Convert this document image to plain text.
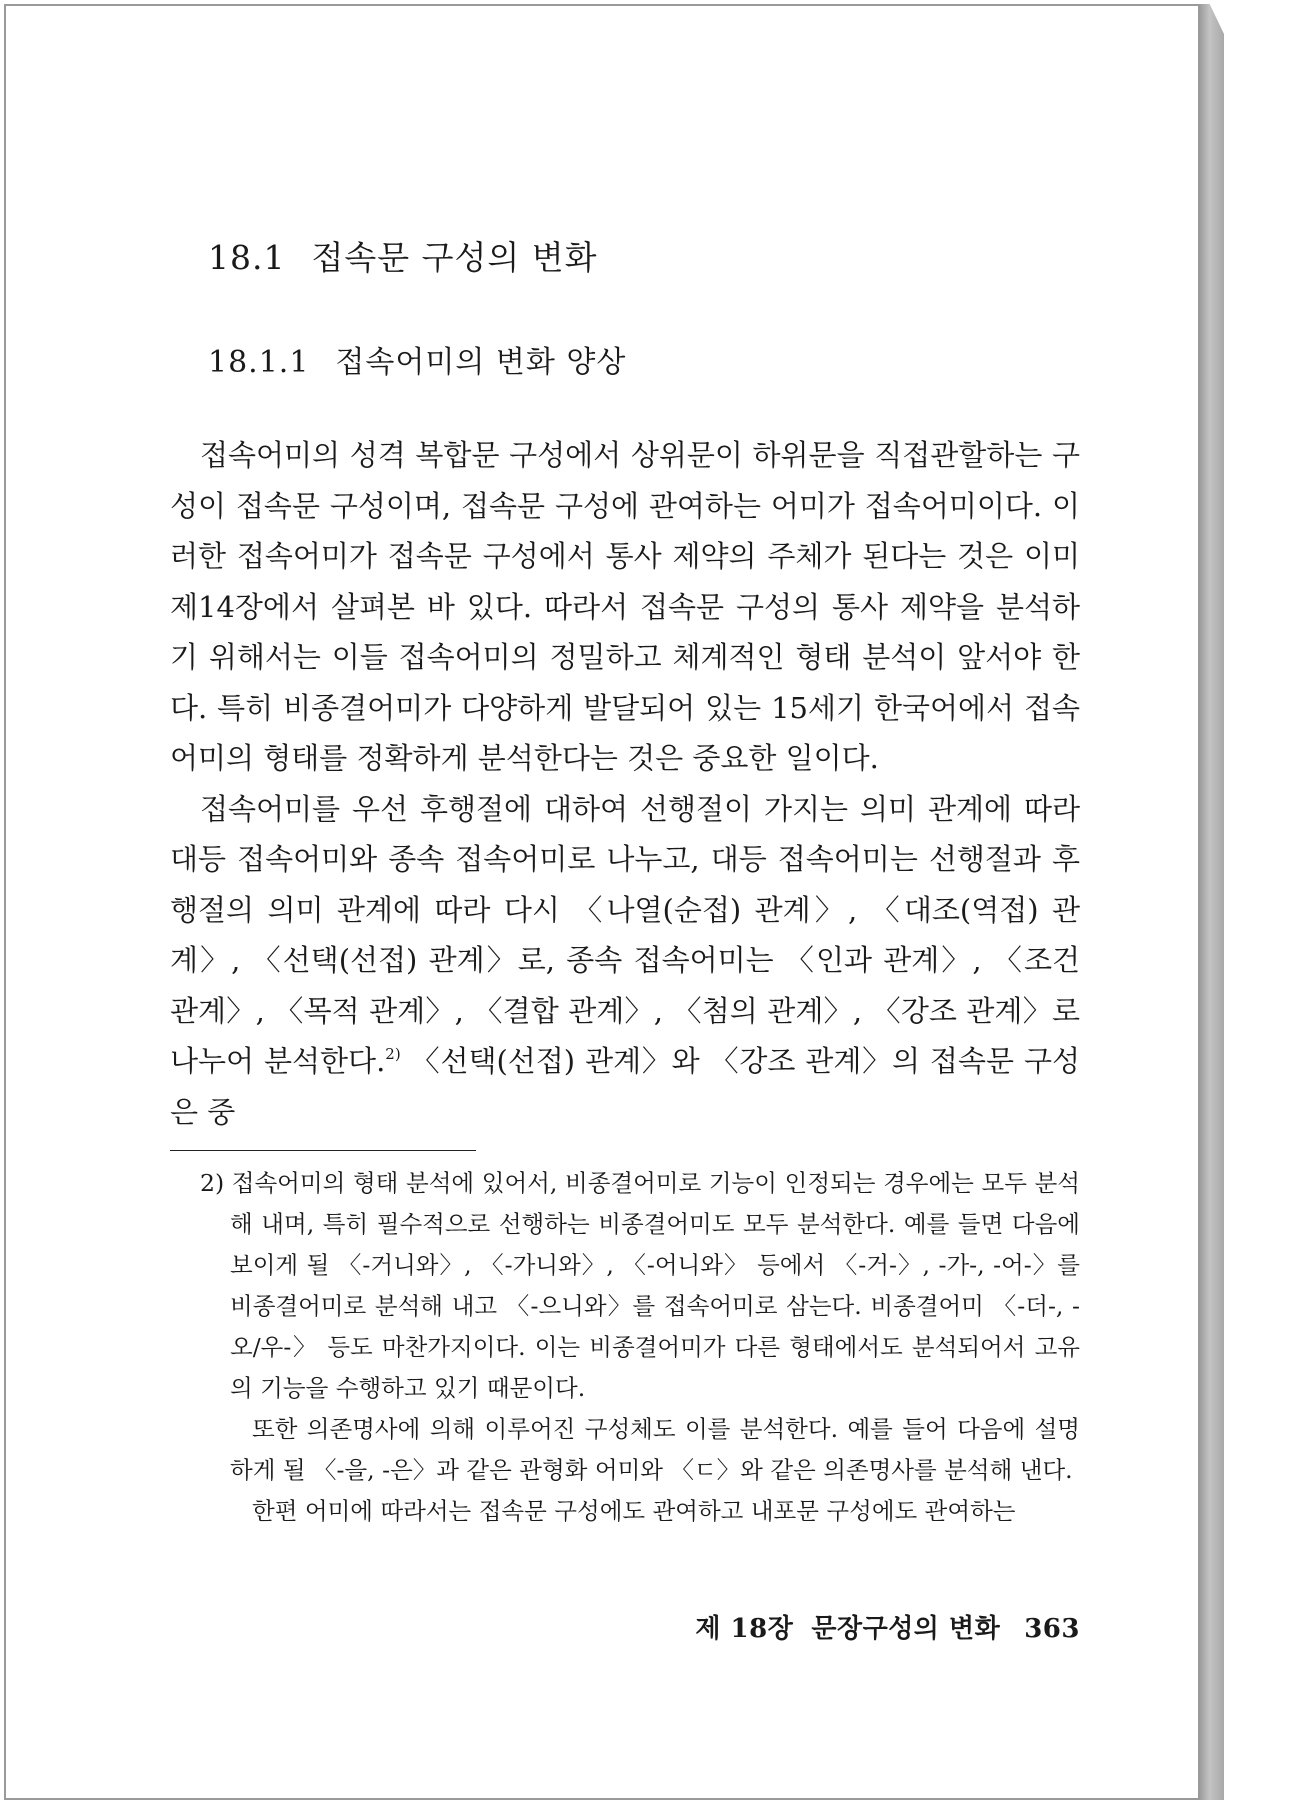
18.1 접속문 구성의 변화
18.1.1 접속어미의 변화 양상

접속어미의 성격 복합문 구성에서 상위문이 하위문을 직접관할하는 구성이 접속문 구성이며, 접속문 구성에 관여하는 어미가 접속어미이다. 이러한 접속어미가 접속문 구성에서 통사 제약의 주체가 된다는 것은 이미 제14장에서 살펴본 바 있다. 따라서 접속문 구성의 통사 제약을 분석하기 위해서는 이들 접속어미의 정밀하고 체계적인 형태 분석이 앞서야 한다. 특히 비종결어미가 다양하게 발달되어 있는 15세기 한국어에서 접속어미의 형태를 정확하게 분석한다는 것은 중요한 일이다.

접속어미를 우선 후행절에 대하여 선행절이 가지는 의미 관계에 따라 대등 접속어미와 종속 접속어미로 나누고, 대등 접속어미는 선행절과 후행절의 의미 관계에 따라 다시 〈나열(순접) 관계〉, 〈대조(역접) 관계〉, 〈선택(선접) 관계〉로, 종속 접속어미는 〈인과 관계〉, 〈조건 관계〉, 〈목적 관계〉, 〈결합 관계〉, 〈첨의 관계〉, 〈강조 관계〉로 나누어 분석한다.$^{2)}$ 〈선택(선접) 관계〉와 〈강조 관계〉의 접속문 구성은 중

2) 접속어미의 형태 분석에 있어서, 비종결어미로 기능이 인정되는 경우에는 모두 분석해 내며, 특히 필수적으로 선행하는 비종결어미도 모두 분석한다. 예를 들면 다음에 보이게 될 〈-거니와〉, 〈-가니와〉, 〈-어니와〉 등에서 〈-거-〉, -가-, -어-〉를 비종결어미로 분석해 내고 〈-으니와〉를 접속어미로 삼는다. 비종결어미 〈-더-, -오/우-〉 등도 마찬가지이다. 이는 비종결어미가 다른 형태에서도 분석되어서 고유의 기능을 수행하고 있기 때문이다.

또한 의존명사에 의해 이루어진 구성체도 이를 분석한다. 예를 들어 다음에 설명하게 될 〈-을, -은〉과 같은 관형화 어미와 〈ㄷ〉와 같은 의존명사를 분석해 낸다.

한편 어미에 따라서는 접속문 구성에도 관여하고 내포문 구성에도 관여하는

제 18장 문장구성의 변화 363
